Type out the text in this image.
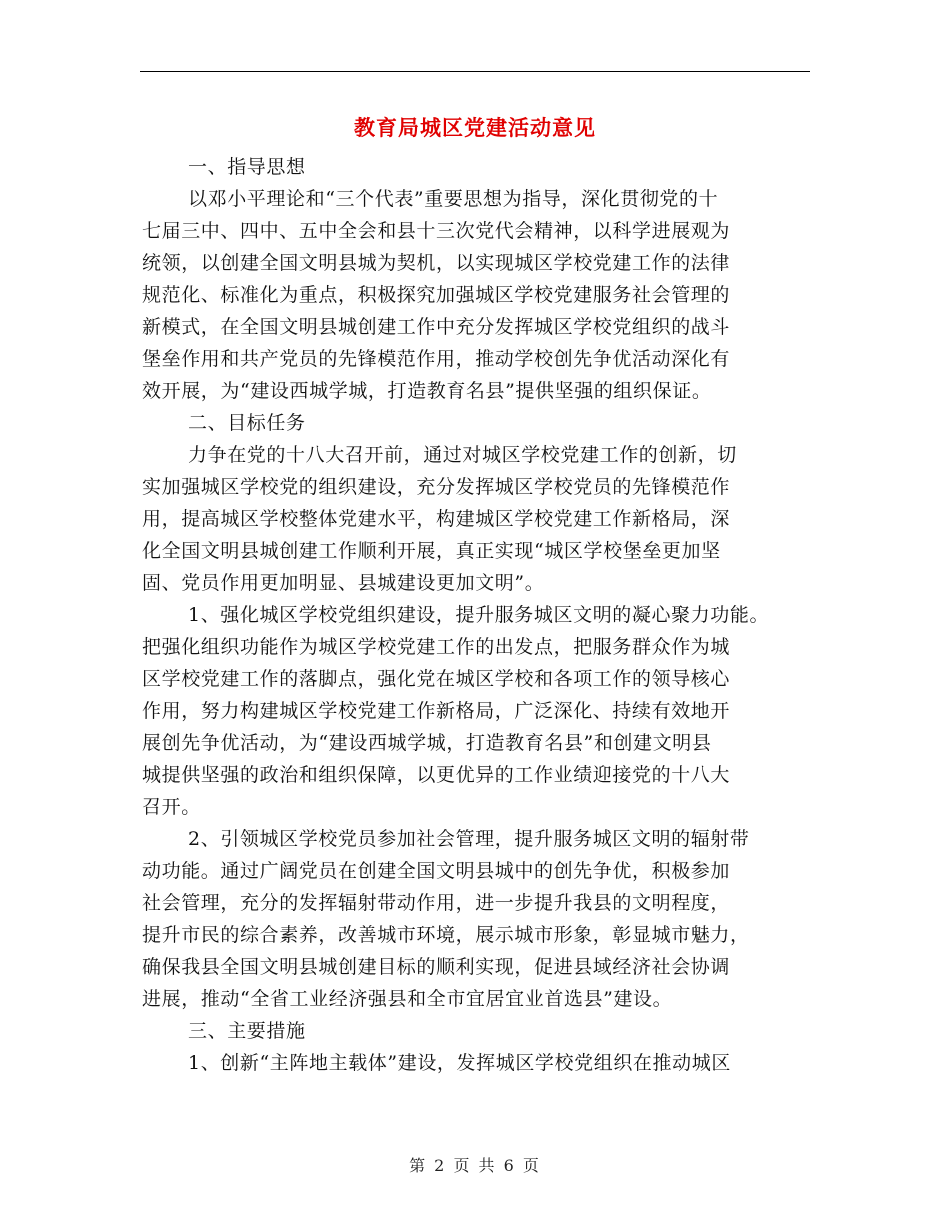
教育局城区党建活动意见
一、指导思想
以邓小平理论和“三个代表”重要思想为指导，深化贯彻党的十
七届三中、四中、五中全会和县十三次党代会精神，以科学进展观为
统领，以创建全国文明县城为契机，以实现城区学校党建工作的法律
规范化、标准化为重点，积极探究加强城区学校党建服务社会管理的
新模式，在全国文明县城创建工作中充分发挥城区学校党组织的战斗
堡垒作用和共产党员的先锋模范作用，推动学校创先争优活动深化有
效开展，为“建设西城学城，打造教育名县”提供坚强的组织保证。
二、目标任务
力争在党的十八大召开前，通过对城区学校党建工作的创新，切
实加强城区学校党的组织建设，充分发挥城区学校党员的先锋模范作
用，提高城区学校整体党建水平，构建城区学校党建工作新格局，深
化全国文明县城创建工作顺利开展，真正实现“城区学校堡垒更加坚
固、党员作用更加明显、县城建设更加文明”。
1、强化城区学校党组织建设，提升服务城区文明的凝心聚力功能。
把强化组织功能作为城区学校党建工作的出发点，把服务群众作为城
区学校党建工作的落脚点，强化党在城区学校和各项工作的领导核心
作用，努力构建城区学校党建工作新格局，广泛深化、持续有效地开
展创先争优活动，为“建设西城学城，打造教育名县”和创建文明县
城提供坚强的政治和组织保障，以更优异的工作业绩迎接党的十八大
召开。
2、引领城区学校党员参加社会管理，提升服务城区文明的辐射带
动功能。通过广阔党员在创建全国文明县城中的创先争优，积极参加
社会管理，充分的发挥辐射带动作用，进一步提升我县的文明程度，
提升市民的综合素养，改善城市环境，展示城市形象，彰显城市魅力，
确保我县全国文明县城创建目标的顺利实现，促进县域经济社会协调
进展，推动“全省工业经济强县和全市宜居宜业首选县”建设。
三、主要措施
1、创新“主阵地主载体”建设，发挥城区学校党组织在推动城区
第 2 页 共 6 页
